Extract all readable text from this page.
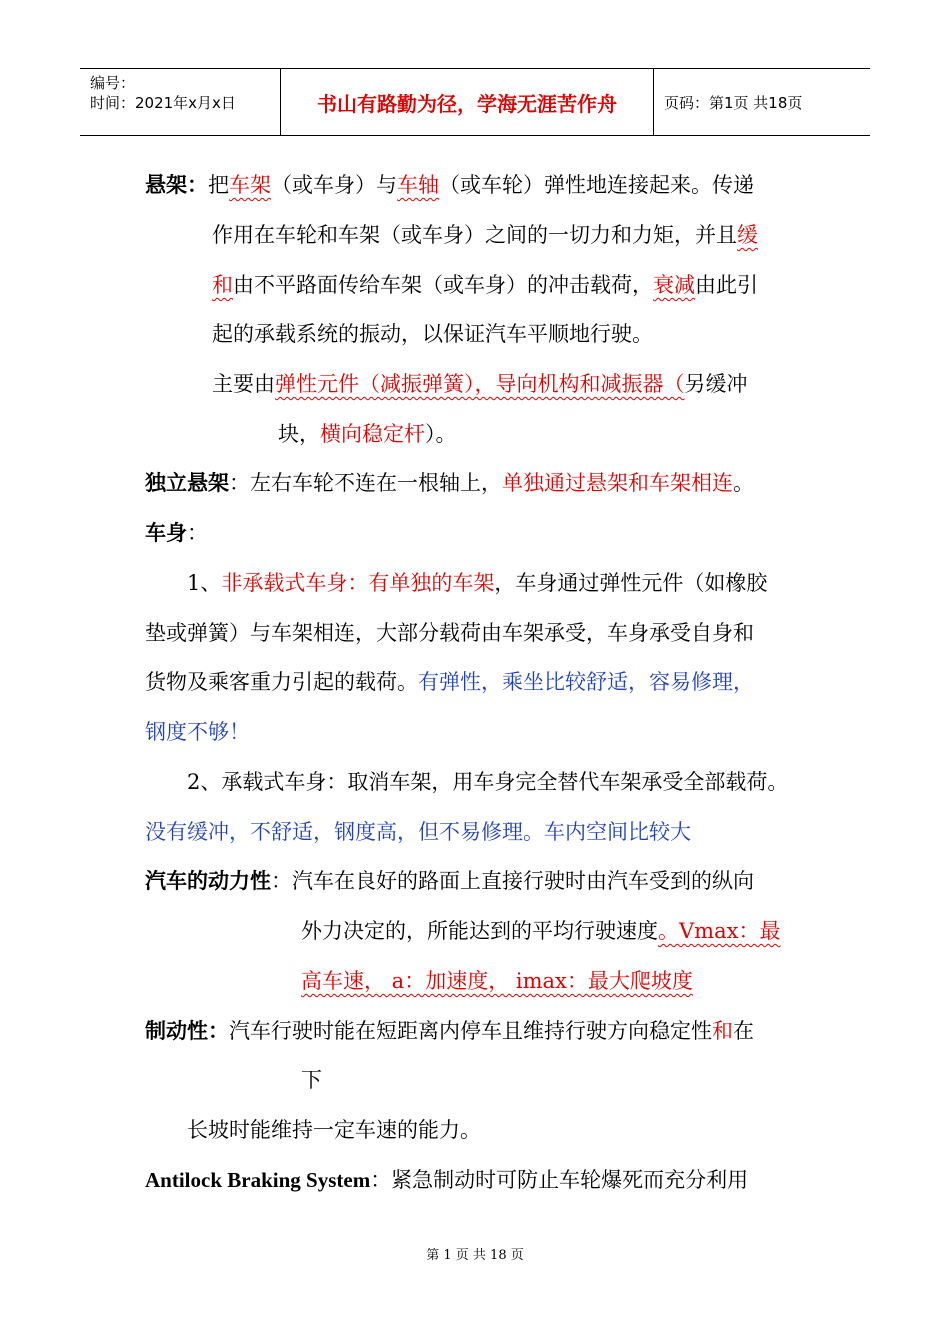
编号：
时间：2021年x月x日	书山有路勤为径，学海无涯苦作舟	页码：第1页 共18页
悬架：把车架（或车身）与车轴（或车轮）弹性地连接起来。传递
作用在车轮和车架（或车身）之间的一切力和力矩，并且缓
和由不平路面传给车架（或车身）的冲击载荷，衰减由此引
起的承载系统的振动，以保证汽车平顺地行驶。
主要由弹性元件（减振弹簧），导向机构和减振器（另缓冲
块，横向稳定杆）。
独立悬架：左右车轮不连在一根轴上，单独通过悬架和车架相连。
车身：
1、非承载式车身：有单独的车架，车身通过弹性元件（如橡胶
垫或弹簧）与车架相连，大部分载荷由车架承受，车身承受自身和
货物及乘客重力引起的载荷。有弹性，乘坐比较舒适，容易修理，
钢度不够！
2、承载式车身：取消车架，用车身完全替代车架承受全部载荷。
没有缓冲，不舒适，钢度高，但不易修理。车内空间比较大
汽车的动力性：汽车在良好的路面上直接行驶时由汽车受到的纵向
外力决定的，所能达到的平均行驶速度。Vmax：最
高车速， a：加速度， imax：最大爬坡度
制动性：汽车行驶时能在短距离内停车且维持行驶方向稳定性和在
下
长坡时能维持一定车速的能力。
Antilock Braking System：紧急制动时可防止车轮爆死而充分利用
第 1 页 共 18 页
